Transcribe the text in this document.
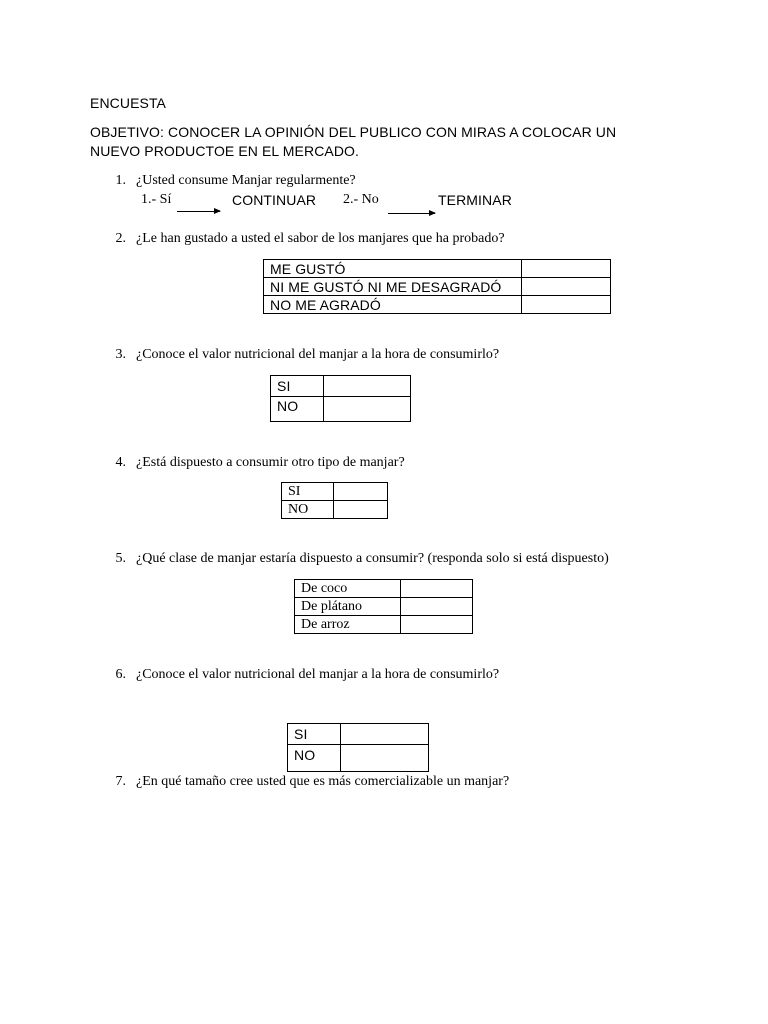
ENCUESTA
OBJETIVO: CONOCER LA OPINIÓN DEL PUBLICO CON MIRAS A COLOCAR UN
NUEVO PRODUCTOE EN EL MERCADO.
1. ¿Usted consume Manjar regularmente?
1.- Sí	CONTINUAR 2.- No	TERMINAR
2. ¿Le han gustado a usted el sabor de los manjares que ha probado?
ME GUSTÓ	
NI ME GUSTÓ NI ME DESAGRADÓ	
NO ME AGRADÓ	
3. ¿Conoce el valor nutricional del manjar a la hora de consumirlo?
SI	
NO	
4. ¿Está dispuesto a consumir otro tipo de manjar?
SI	
NO	
5. ¿Qué clase de manjar estaría dispuesto a consumir? (responda solo si está dispuesto)
De coco	
De plátano	
De arroz	
6. ¿Conoce el valor nutricional del manjar a la hora de consumirlo?
SI	
NO	
7. ¿En qué tamaño cree usted que es más comercializable un manjar?
